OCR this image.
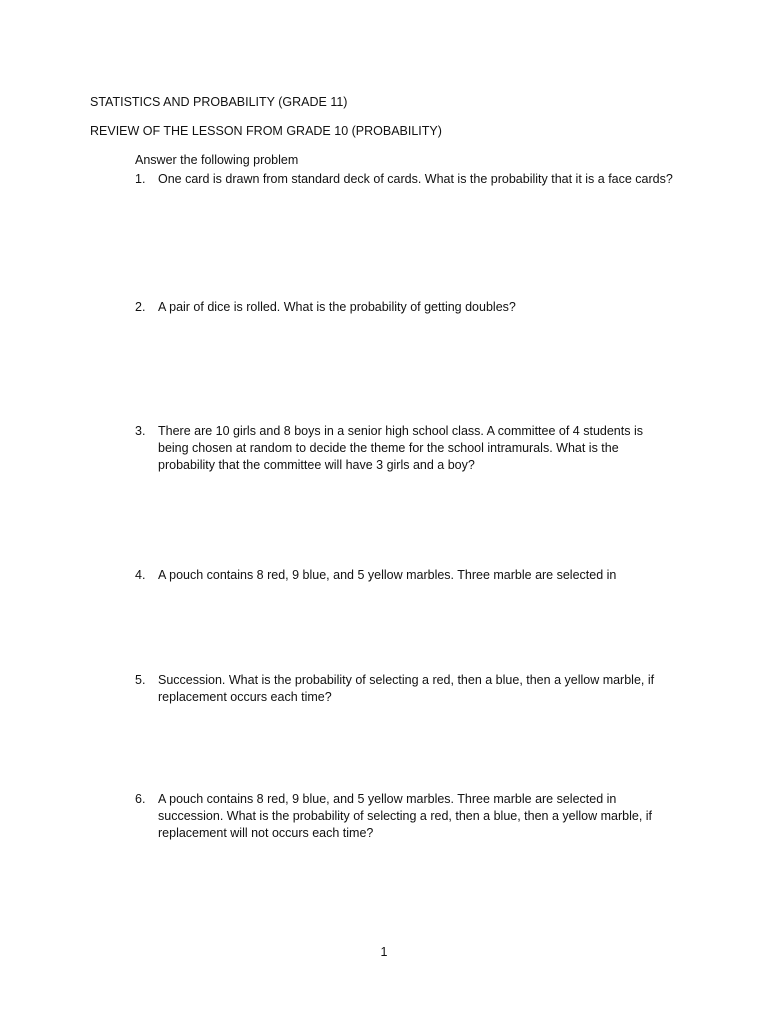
STATISTICS AND PROBABILITY (GRADE 11)
REVIEW OF THE LESSON FROM GRADE 10 (PROBABILITY)
Answer the following problem
1.	One card is drawn from standard deck of cards. What is the probability that it is a face cards?
2.	A pair of dice is rolled. What is the probability of getting doubles?
3.	There are 10 girls and 8 boys in a senior high school class. A committee of 4 students is being chosen at random to decide the theme for the school intramurals. What is the probability that the committee will have 3 girls and a boy?
4.	A pouch contains 8 red, 9 blue, and 5 yellow marbles. Three marble are selected in
5.	Succession. What is the probability of selecting a red, then a blue, then a yellow marble, if replacement occurs each time?
6.	A pouch contains 8 red, 9 blue, and 5 yellow marbles. Three marble are selected in succession. What is the probability of selecting a red, then a blue, then a yellow marble, if replacement will not occurs each time?
1
